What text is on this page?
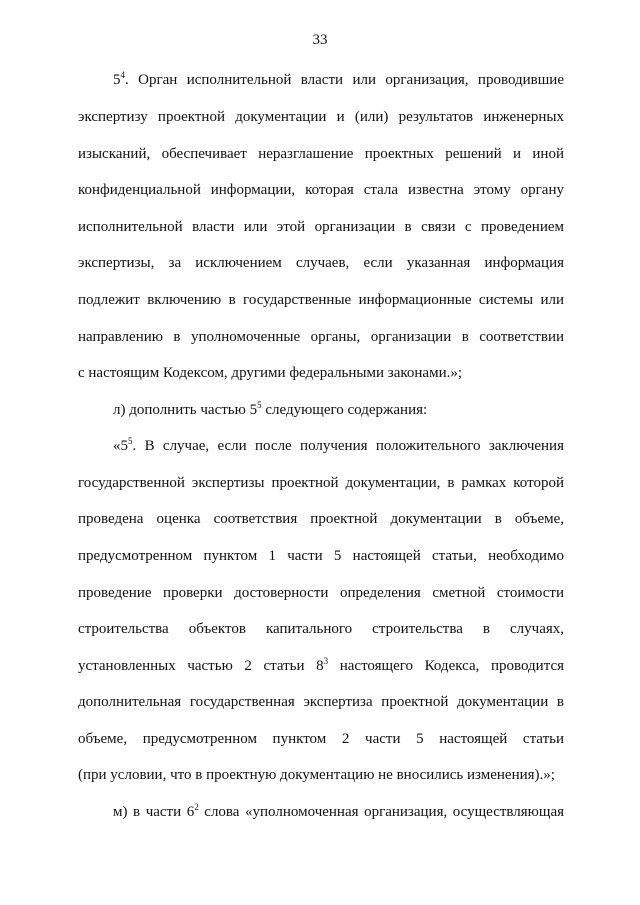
33
$5^4$. Орган исполнительной власти или организация, проводившие
экспертизу проектной документации и (или) результатов инженерных
изысканий, обеспечивает неразглашение проектных решений и иной
конфиденциальной информации, которая стала известна этому органу
исполнительной власти или этой организации в связи с проведением
экспертизы, за исключением случаев, если указанная информация
подлежит включению в государственные информационные системы или
направлению в уполномоченные органы, организации в соответствии
с настоящим Кодексом, другими федеральными законами.»;
л) дополнить частью $5^5$ следующего содержания:
«$5^5$. В случае, если после получения положительного заключения
государственной экспертизы проектной документации, в рамках которой
проведена оценка соответствия проектной документации в объеме,
предусмотренном пунктом 1 части 5 настоящей статьи, необходимо
проведение проверки достоверности определения сметной стоимости
строительства объектов капитального строительства в случаях,
установленных частью 2 статьи $8^3$ настоящего Кодекса, проводится
дополнительная государственная экспертиза проектной документации в
объеме, предусмотренном пунктом 2 части 5 настоящей статьи
(при условии, что в проектную документацию не вносились изменения).»;
м) в части $6^2$ слова «уполномоченная организация, осуществляющая
